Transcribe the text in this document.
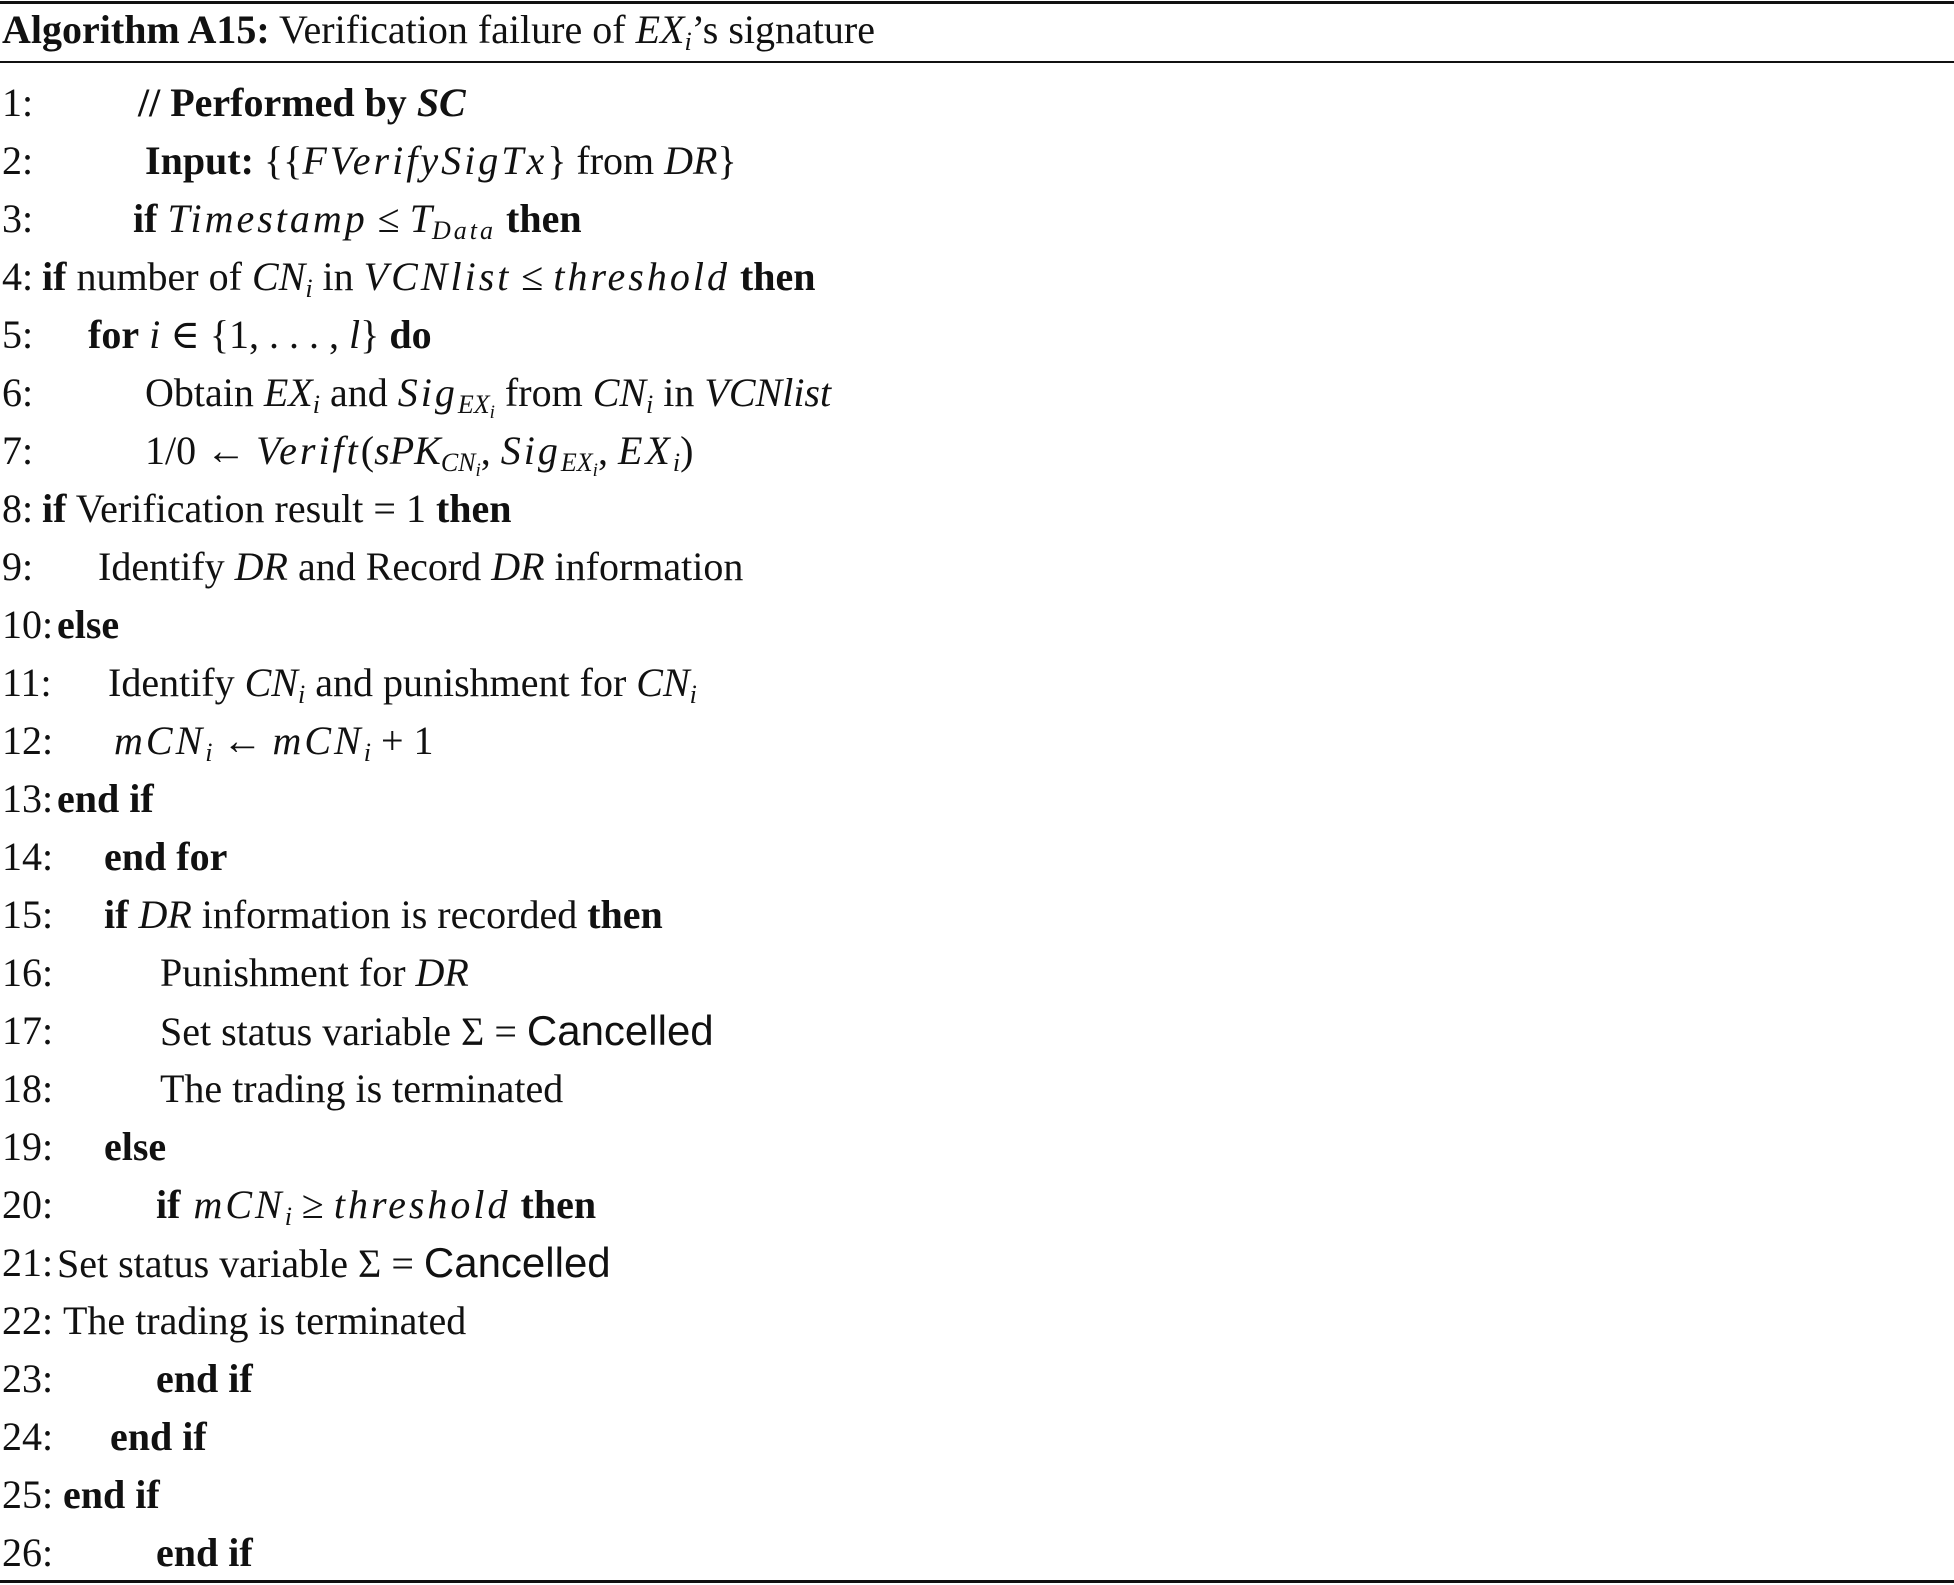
Algorithm A15: Verification failure of $EX_i’s$ signature
1:	// Performed by SC
2:	Input: {{FVerifySigTx} from DR}
3: if Timestamp ≤ $T_{Data}$ then
4: if number of $CN_i$ in VCNlist ≤ threshold then
5: for i ∈ {1, . . . , l} do
6:	Obtain $EX_i$ and Sig$_{EX_i}$ from $CN_i$ in VCNlist
7:	1/0 ← Verift(sPK$_{CN_i}$, Sig$_{EX_i}$, $EX_i$)
8: if Verification result = 1 then
9: Identify DR and Record DR information
10: else
11: Identify $CN_i$ and punishment for $CN_i$
12: mCN$_i$ ← mCN$_i$ + 1
13: end if
14: end for
15: if DR information is recorded then
16:	Punishment for DR
17:	Set status variable Σ = Cancelled
18:	The trading is terminated
19: else
20:	if mCN$_i$ ≥ threshold then
21: Set status variable Σ = Cancelled
22: The trading is terminated
23:	end if
24: end if
25: end if
26:	end if
